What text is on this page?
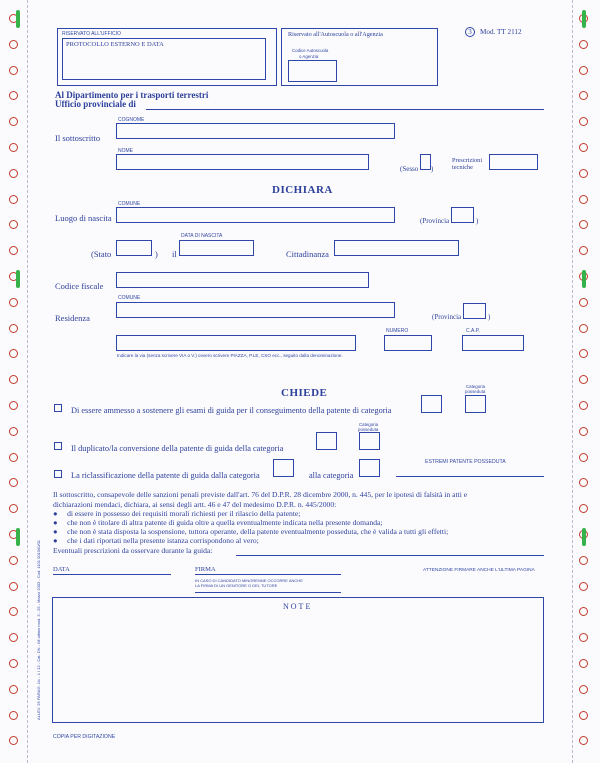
RISERVATO ALL'UFFICIO
PROTOCOLLO ESTERNO E DATA
Riservato all'Autoscuola o all'Agenzia
Codice Autoscuola
o Agenzia
3	Mod. TT 2112
Al Dipartimento per i trasporti terrestri
Ufficio provinciale di
Il sottoscritto
COGNOME
NOME
(Sesso )
Prescrizioni
tecniche
DICHIARA
COMUNE
Luogo di nascita	(Provincia	)
(Stato	) il
DATA DI NASCITA
Cittadinanza
Codice fiscale
COMUNE
Residenza	(Provincia	)
NUMERO	C.A.P.
Indicare la via (senza scrivere VIA o V.) ovvero scrivere PIAZZA, P.LE, CSO ecc., seguito dalla denominazione.
CHIEDE
Categoria
posseduta
Di essere ammesso a sostenere gli esami di guida per il conseguimento della patente di categoria
Categoria
posseduta
Il duplicato/la conversione della patente di guida della categoria
La riclassificazione della patente di guida dalla categoria	alla categoria
ESTREMI PATENTE POSSEDUTA
Il sottoscritto, consapevole delle sanzioni penali previste dall'art. 76 del D.P.R. 28 dicembre 2000, n. 445, per le ipotesi di falsità in atti e
dichiarazioni mendaci, dichiara, ai sensi degli artt. 46 e 47 del medesimo D.P.R. n. 445/2000:
●     di essere in possesso dei requisiti morali richiesti per il rilascio della patente;
●     che non è titolare di altra patente di guida oltre a quella eventualmente indicata nella presente domanda;
●     che non è stata disposta la sospensione, tuttora operante, della patente eventualmente posseduta, che è valida a tutti gli effetti;
●     che i dati riportati nella presente istanza corrispondono al vero;
Eventuali prescrizioni da osservare durante la guida:
DATA	FIRMA
IN CASO DI CANDIDATO MINORENNE OCCORRE ANCHE
LA FIRMA DI UN GENITORE O DEL TUTORE
ATTENZIONE FIRMARE ANCHE L'ULTIMA PAGINA
NOTE
ALLEV. 25 PARAG. 1/c - 1 / 12 - Cat. DN - IM ultimo mod. 3 - 25 - Marzo 2003 - Cod. 1101 001000/01
COPIA PER DIGITAZIONE
